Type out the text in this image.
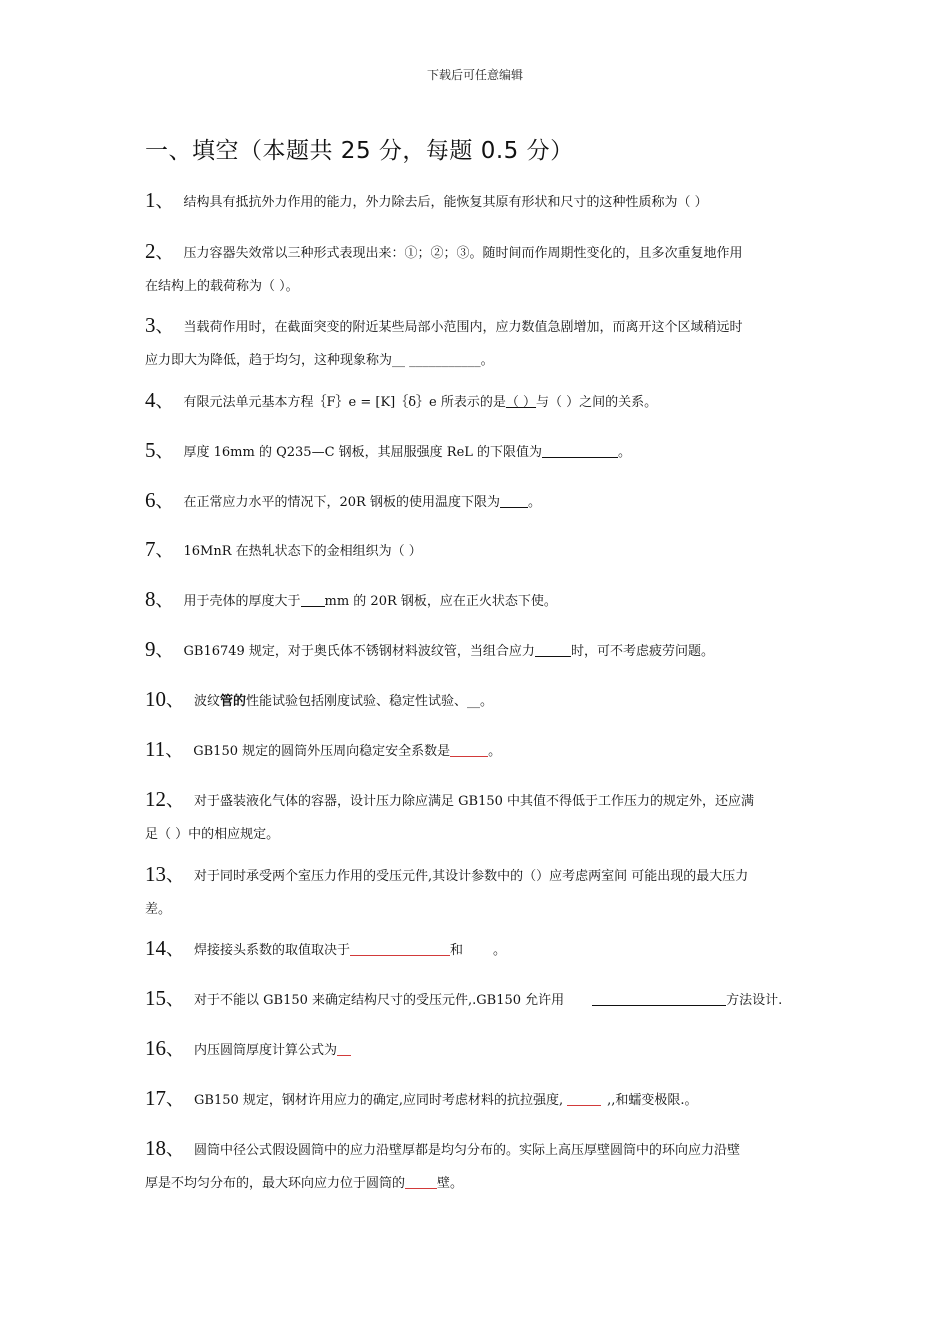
下载后可任意编辑
一、填空（本题共 25 分，每题 0.5 分）
1、 结构具有抵抗外力作用的能力，外力除去后，能恢复其原有形状和尺寸的这种性质称为（ ）
2、 压力容器失效常以三种形式表现出来：①；②；③。随时间而作周期性变化的，且多次重复地作用
在结构上的载荷称为（ ）。
3、 当载荷作用时，在截面突变的附近某些局部小范围内，应力数值急剧增加，而离开这个区域稍远时
应力即大为降低，趋于均匀，这种现象称为__ ___________。
4、 有限元法单元基本方程｛F｝e = [K]｛δ｝e 所表示的是（ ）与（ ）之间的关系。
5、 厚度 16mm 的 Q235—C 钢板，其屈服强度 ReL 的下限值为	。
6、 在正常应力水平的情况下，20R 钢板的使用温度下限为 。
7、 16MnR 在热轧状态下的金相组织为（ ）
8、 用于壳体的厚度大于 mm 的 20R 钢板，应在正火状态下使。
9、 GB16749 规定，对于奥氏体不锈钢材料波纹管，当组合应力	时，可不考虑疲劳问题。
10、 波纹管的性能试验包括刚度试验、稳定性试验、__。
11、 GB150 规定的圆筒外压周向稳定安全系数是	。
12、 对于盛装液化气体的容器，设计压力除应满足 GB150 中其值不得低于工作压力的规定外，还应满
足（ ）中的相应规定。
13、 对于同时承受两个室压力作用的受压元件,其设计参数中的（）应考虑两室间 可能出现的最大压力
差。
14、 焊接接头系数的取值取决于	和 。
15、 对于不能以 GB150 来确定结构尺寸的受压元件,.GB150 允许用	方法设计.
16、 内压圆筒厚度计算公式为
17、 GB150 规定，钢材许用应力的确定,应同时考虑材料的抗拉强度,	,,和蠕变极限.。
18、 圆筒中径公式假设圆筒中的应力沿壁厚都是均匀分布的。实际上高压厚壁圆筒中的环向应力沿壁
厚是不均匀分布的，最大环向应力位于圆筒的 壁。
